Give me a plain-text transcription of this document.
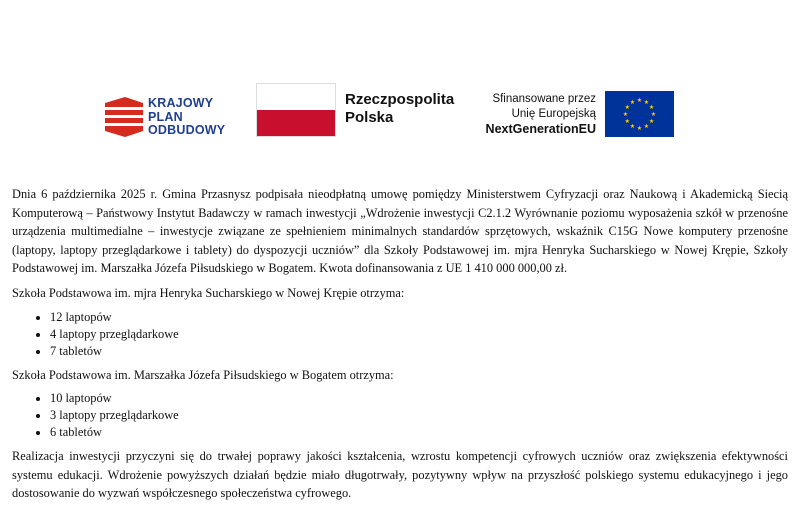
KRAJOWY
PLAN
ODBUDOWY
Rzeczpospolita
Polska
Sfinansowane przez
Unię Europejską
NextGenerationEU
★
★
★
★
★
★
★
★
★ ★ ★
★

Dnia 6 października 2025 r. Gmina Przasnysz podpisała nieodpłatną umowę pomiędzy Ministerstwem Cyfryzacji oraz Naukową i Akademicką Siecią Komputerową – Państwowy Instytut Badawczy w ramach inwestycji „Wdrożenie inwestycji C2.1.2 Wyrównanie poziomu wyposażenia szkół w przenośne urządzenia multimedialne – inwestycje związane ze spełnieniem minimalnych standardów sprzętowych, wskaźnik C15G Nowe komputery przenośne (laptopy, laptopy przeglądarkowe i tablety) do dyspozycji uczniów” dla Szkoły Podstawowej im. mjra Henryka Sucharskiego w Nowej Krępie, Szkoły Podstawowej im. Marszałka Józefa Piłsudskiego w Bogatem. Kwota dofinansowania z UE 1 410 000 000,00 zł.

Szkoła Podstawowa im. mjra Henryka Sucharskiego w Nowej Krępie otrzyma:

• 12 laptopów
• 4 laptopy przeglądarkowe
• 7 tabletów

Szkoła Podstawowa im. Marszałka Józefa Piłsudskiego w Bogatem otrzyma:

• 10 laptopów
• 3 laptopy przeglądarkowe
• 6 tabletów

Realizacja inwestycji przyczyni się do trwałej poprawy jakości kształcenia, wzrostu kompetencji cyfrowych uczniów oraz zwiększenia efektywności systemu edukacji. Wdrożenie powyższych działań będzie miało długotrwały, pozytywny wpływ na przyszłość polskiego systemu edukacyjnego i jego dostosowanie do wyzwań współczesnego społeczeństwa cyfrowego.
